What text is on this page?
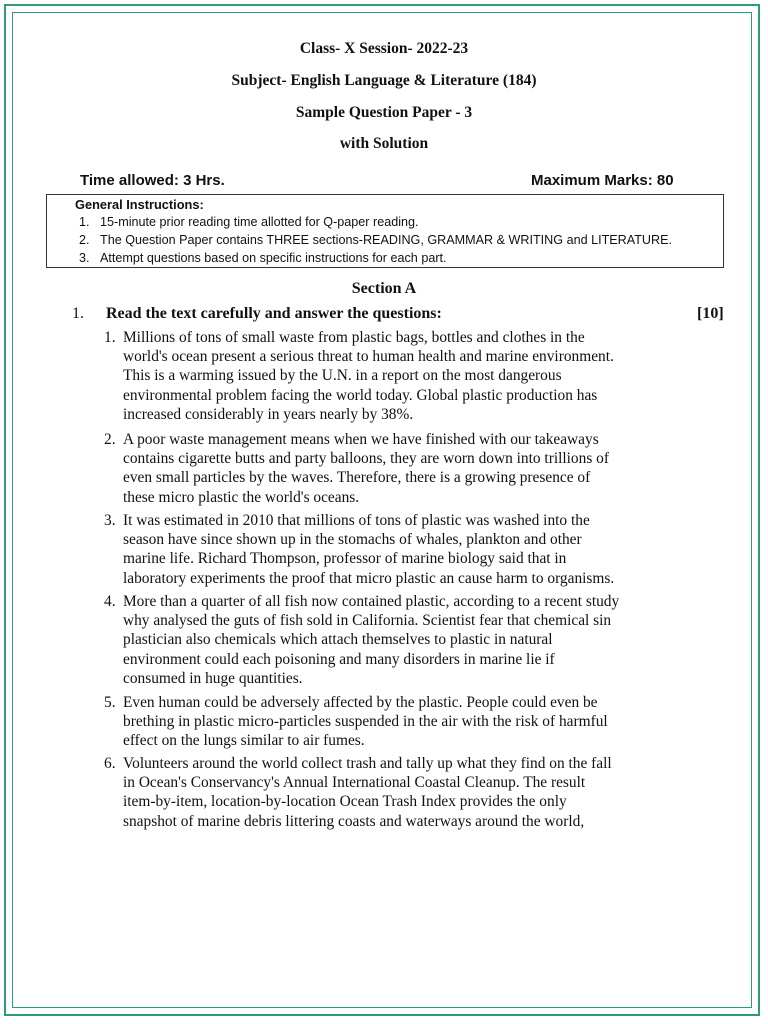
Class- X Session- 2022-23
Subject- English Language & Literature (184)
Sample Question Paper - 3
with Solution
Time allowed: 3 Hrs.	Maximum Marks: 80
General Instructions:
1. 15-minute prior reading time allotted for Q-paper reading.
2. The Question Paper contains THREE sections-READING, GRAMMAR & WRITING and LITERATURE.
3. Attempt questions based on specific instructions for each part.
Section A
1. Read the text carefully and answer the questions:	[10]
1. Millions of tons of small waste from plastic bags, bottles and clothes in the
world's ocean present a serious threat to human health and marine environment.
This is a warming issued by the U.N. in a report on the most dangerous
environmental problem facing the world today. Global plastic production has
increased considerably in years nearly by 38%.
2. A poor waste management means when we have finished with our takeaways
contains cigarette butts and party balloons, they are worn down into trillions of
even small particles by the waves. Therefore, there is a growing presence of
these micro plastic the world's oceans.
3. It was estimated in 2010 that millions of tons of plastic was washed into the
season have since shown up in the stomachs of whales, plankton and other
marine life. Richard Thompson, professor of marine biology said that in
laboratory experiments the proof that micro plastic an cause harm to organisms.
4. More than a quarter of all fish now contained plastic, according to a recent study
why analysed the guts of fish sold in California. Scientist fear that chemical sin
plastician also chemicals which attach themselves to plastic in natural
environment could each poisoning and many disorders in marine lie if
consumed in huge quantities.
5. Even human could be adversely affected by the plastic. People could even be
brething in plastic micro-particles suspended in the air with the risk of harmful
effect on the lungs similar to air fumes.
6. Volunteers around the world collect trash and tally up what they find on the fall
in Ocean's Conservancy's Annual International Coastal Cleanup. The result
item-by-item, location-by-location Ocean Trash Index provides the only
snapshot of marine debris littering coasts and waterways around the world,
